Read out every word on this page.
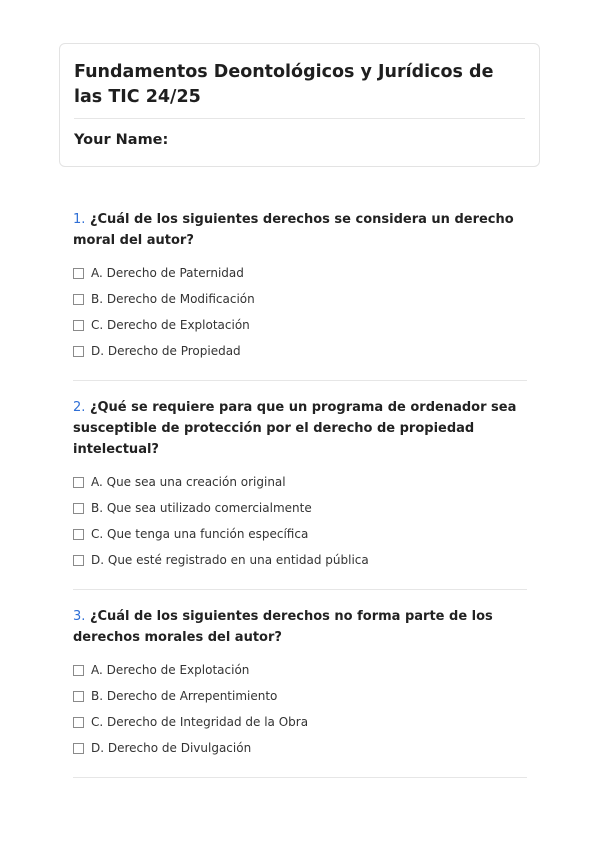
Fundamentos Deontológicos y Jurídicos de las TIC 24/25
Your Name:

1. ¿Cuál de los siguientes derechos se considera un derecho moral del autor?

A. Derecho de Paternidad
B. Derecho de Modificación
C. Derecho de Explotación
D. Derecho de Propiedad

2. ¿Qué se requiere para que un programa de ordenador sea susceptible de protección por el derecho de propiedad intelectual?

A. Que sea una creación original
B. Que sea utilizado comercialmente
C. Que tenga una función específica
D. Que esté registrado en una entidad pública

3. ¿Cuál de los siguientes derechos no forma parte de los derechos morales del autor?

A. Derecho de Explotación
B. Derecho de Arrepentimiento
C. Derecho de Integridad de la Obra
D. Derecho de Divulgación
